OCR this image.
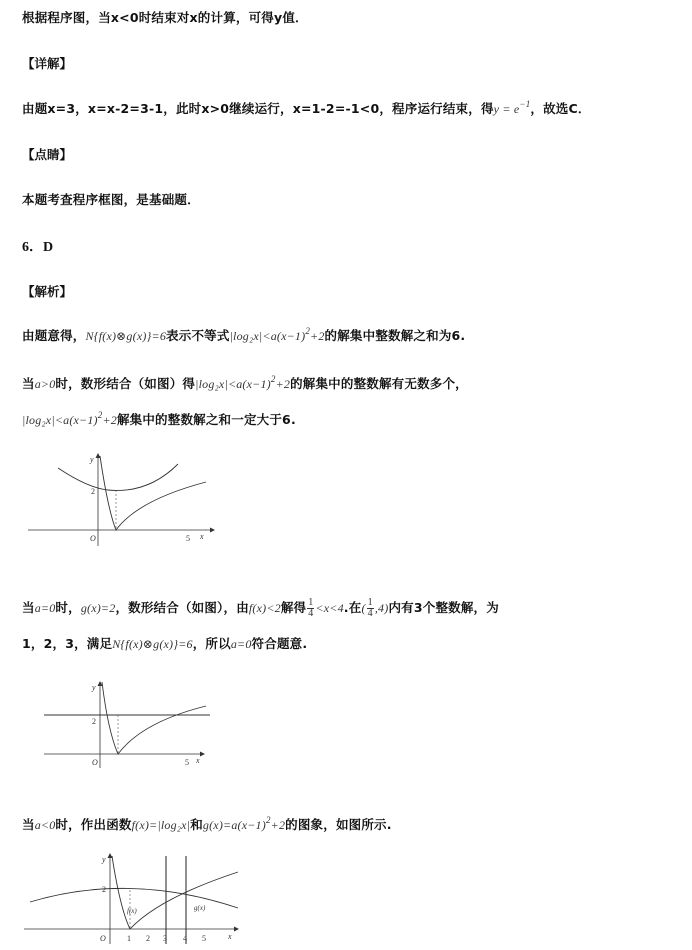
根据程序图，当x<0时结束对x的计算，可得y值．
【详解】
由题x=3，x=x-2=3-1，此时x>0继续运行，x=1-2=-1<0，程序运行结束，得$y = e^{-1}$，故选C．
【点睛】
本题考查程序框图，是基础题．
6．D
【解析】
由题意得，N{f(x)⊗g(x)}=6表示不等式$|\log_2x|<a(x-1)^2+2$的解集中整数解之和为6.
当a>0时，数形结合（如图）得$|\log_2x|<a(x-1)^2+2$的解集中的整数解有无数多个，
$|\log_2x|<a(x-1)^2+2$解集中的整数解之和一定大于6.
y
x
O
2
5
当a=0时，g(x)=2，数形结合（如图），由f(x)<2解得 $\frac{1}{4} <x<4$.在( $\frac{1}{4} ,4$)内有3个整数解，为
1，2，3，满足N{f(x)⊗g(x)}=6，所以a=0符合题意.
y
x
O
2
5
当a<0时，作出函数f(x)=|log₂x|和$g(x)=a(x-1)^2+2$的图象，如图所示.
y
x
O
2
1 2 3 4 5
f(x)	g(x)
